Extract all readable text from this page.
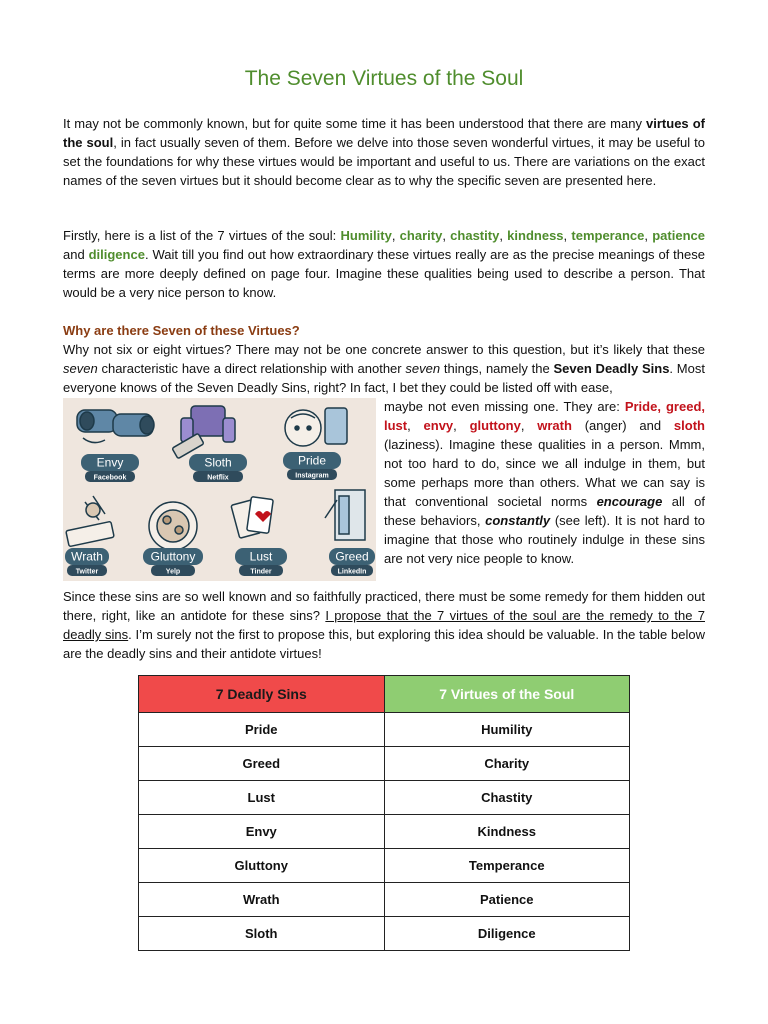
The Seven Virtues of the Soul

It may not be commonly known, but for quite some time it has been understood that there are many virtues of the soul, in fact usually seven of them. Before we delve into those seven wonderful virtues, it may be useful to set the foundations for why these virtues would be important and useful to us. There are variations on the exact names of the seven virtues but it should become clear as to why the specific seven are presented here.

Firstly, here is a list of the 7 virtues of the soul: Humility, charity, chastity, kindness, temperance, patience and diligence. Wait till you find out how extraordinary these virtues really are as the precise meanings of these terms are more deeply defined on page four. Imagine these qualities being used to describe a person. That would be a very nice person to know.

Why are there Seven of these Virtues?

Why not six or eight virtues? There may not be one concrete answer to this question, but it’s likely that these seven characteristic have a direct relationship with another seven things, namely the Seven Deadly Sins. Most everyone knows of the Seven Deadly Sins, right? In fact, I bet they could be listed off with ease,

Envy
Facebook
Sloth
Netflix
Pride
Instagram
Wrath
Twitter
Gluttony
Yelp
Lust
Tinder
Greed
LinkedIn

maybe not even missing one. They are: Pride, greed, lust, envy, gluttony, wrath (anger) and sloth (laziness). Imagine these qualities in a person. Mmm, not too hard to do, since we all indulge in them, but some perhaps more than others. What we can say is that conventional societal norms encourage all of these behaviors, constantly (see left). It is not hard to imagine that those who routinely indulge in these sins are not very nice people to know.

Since these sins are so well known and so faithfully practiced, there must be some remedy for them hidden out there, right, like an antidote for these sins? I propose that the 7 virtues of the soul are the remedy to the 7 deadly sins. I’m surely not the first to propose this, but exploring this idea should be valuable. In the table below are the deadly sins and their antidote virtues!

7 Deadly Sins	7 Virtues of the Soul
Pride	Humility
Greed	Charity
Lust	Chastity
Envy	Kindness
Gluttony	Temperance
Wrath	Patience
Sloth	Diligence
